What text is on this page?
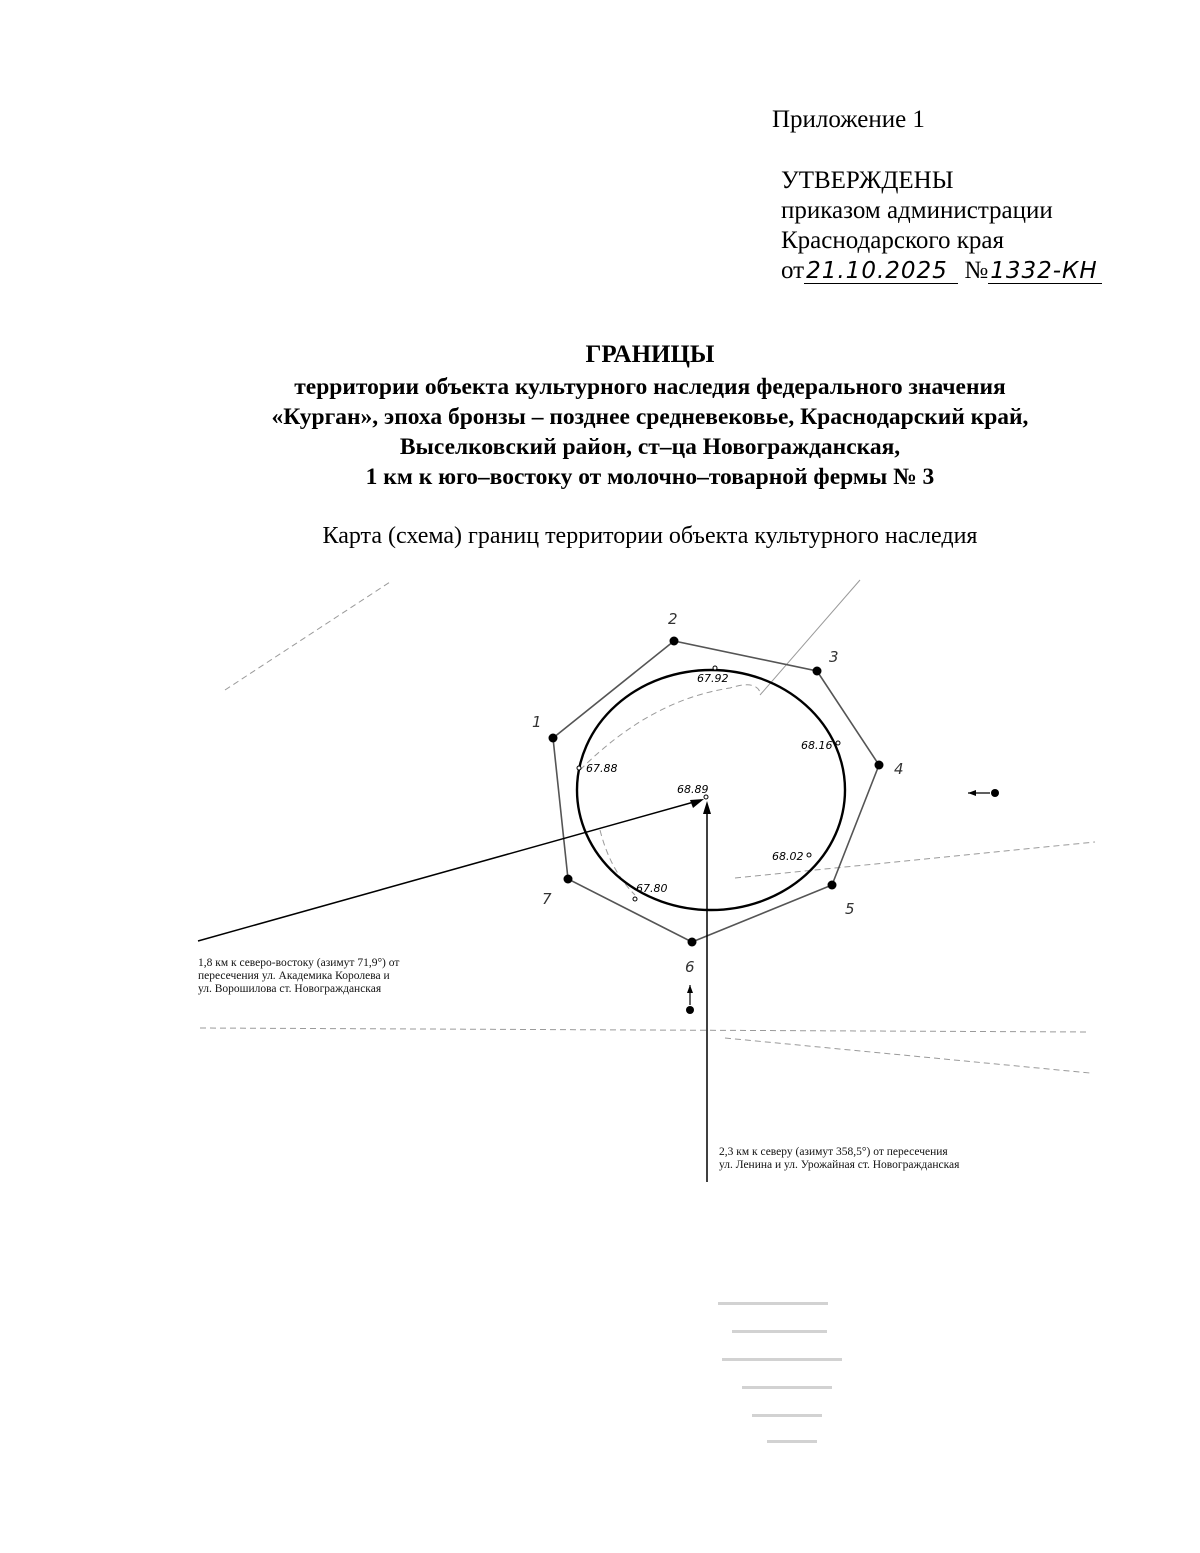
Приложение 1
УТВЕРЖДЕНЫ
приказом администрации
Краснодарского края
от21.10.2025 №1332-КН
ГРАНИЦЫ
территории объекта культурного наследия федерального значения
«Курган», эпоха бронзы – позднее средневековье, Краснодарский край,
Выселковский район, ст–ца Новогражданская,
1 км к юго–востоку от молочно–товарной фермы № 3
Карта (схема) границ территории объекта культурного наследия
1
2
3
4
5
6
7
67.92
68.16
67.88
68.89
68.02
67.80
1,8 км к северо-востоку (азимут 71,9°) от
пересечения ул. Академика Королева и
ул. Ворошилова ст. Новогражданская
2,3 км к северу (азимут 358,5°) от пересечения
ул. Ленина и ул. Урожайная ст. Новогражданская
